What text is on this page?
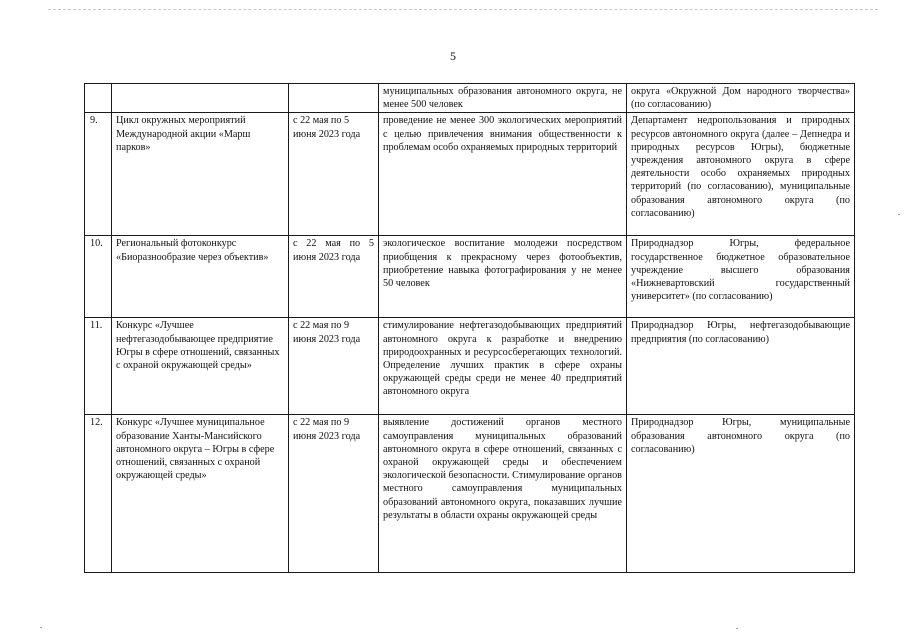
5
			муниципальных образования автономного округа, не менее 500 человек	округа «Окружной Дом народного творчества» (по согласованию)
9.	Цикл окружных мероприятий Международной акции «Марш парков»	с 22 мая по 5 июня 2023 года	проведение не менее 300 экологических мероприятий с целью привлечения внимания общественности к проблемам особо охраняемых природных территорий	Департамент недропользования и природных ресурсов автономного округа (далее – Депнедра и природных ресурсов Югры), бюджетные учреждения автономного округа в сфере деятельности особо охраняемых природных территорий (по согласованию), муниципальные образования автономного округа (по согласованию)
10.	Региональный фотоконкурс «Биоразнообразие через объектив»	с 22 мая по 5 июня 2023 года	экологическое воспитание молодежи посредством приобщения к прекрасному через фотообъектив, приобретение навыка фотографирования у не менее 50 человек	Природнадзор Югры, федеральное государственное бюджетное образовательное учреждение высшего образования «Нижневартовский государственный университет» (по согласованию)
11.	Конкурс «Лучшее нефтегазодобывающее предприятие Югры в сфере отношений, связанных с охраной окружающей среды»	с 22 мая по 9 июня 2023 года	стимулирование нефтегазодобывающих предприятий автономного округа к разработке и внедрению природоохранных и ресурсосберегающих технологий. Определение лучших практик в сфере охраны окружающей среды среди не менее 40 предприятий автономного округа	Природнадзор Югры, нефтегазодобывающие предприятия (по согласованию)
12.	Конкурс «Лучшее муниципальное образование Ханты-Мансийского автономного округа – Югры в сфере отношений, связанных с охраной окружающей среды»	с 22 мая по 9 июня 2023 года	выявление достижений органов местного самоуправления муниципальных образований автономного округа в сфере отношений, связанных с охраной окружающей среды и обеспечением экологической безопасности. Стимулирование органов местного самоуправления муниципальных образований автономного округа, показавших лучшие результаты в области охраны окружающей среды	Природнадзор Югры, муниципальные образования автономного округа (по согласованию)
